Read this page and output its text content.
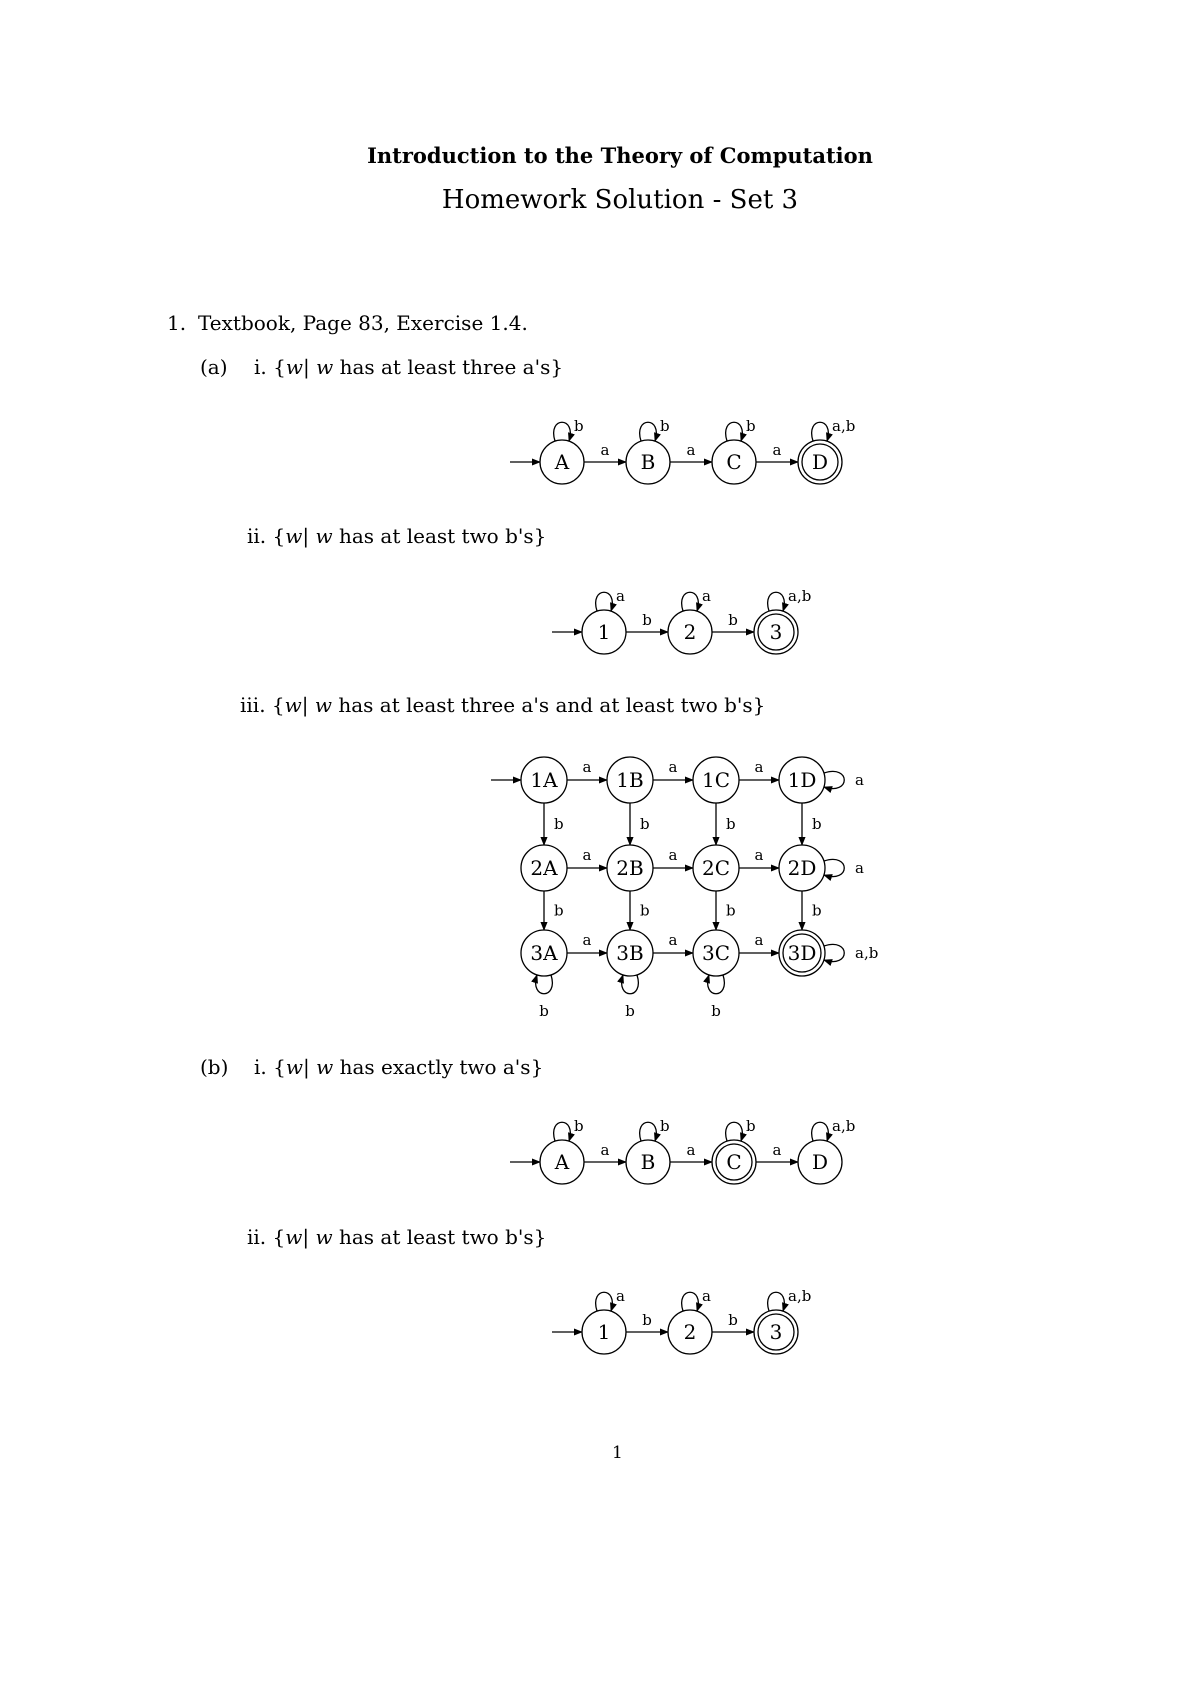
Introduction to the Theory of Computation
Homework Solution - Set 3
1. Textbook, Page 83, Exercise 1.4.
(a) i. {w| w has at least three a's}
ii. {w| w has at least two b's}
iii. {w| w has at least three a's and at least two b's}
(b) i. {w| w has exactly two a's}
ii. {w| w has at least two b's}
a	a	a
A
b
B
b
C
b
D
a,b
b	b
1
a
2
a
3
a,b
a	a	a
a	a	a
a	a	a
b	b	b	b
b	b	b	b
1A	1B	1C	1D
2A	2B	2C	2D
3A	3B	3C	3D
a
a
a,b
b	b	b
a	a	a
A
b
B
b
C
b
D
a,b
b	b
1
a
2
a
3
a,b
1
